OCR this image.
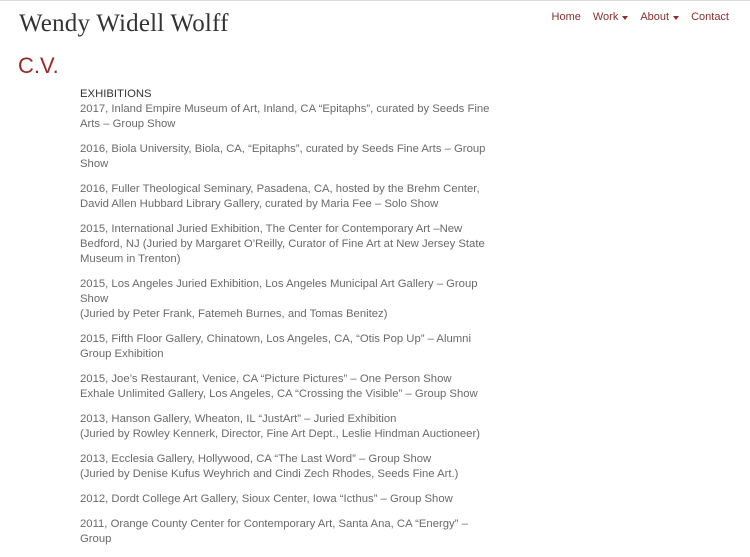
Wendy Widell Wolff	Home Work About Contact
C.V.

EXHIBITIONS

2017, Inland Empire Museum of Art, Inland, CA “Epitaphs”, curated by Seeds Fine Arts – Group Show

2016, Biola University, Biola, CA, “Epitaphs”, curated by Seeds Fine Arts – Group Show

2016, Fuller Theological Seminary, Pasadena, CA, hosted by the Brehm Center,

David Allen Hubbard Library Gallery, curated by Maria Fee – Solo Show

2015, International Juried Exhibition, The Center for Contemporary Art –New Bedford, NJ (Juried by Margaret O’Reilly, Curator of Fine Art at New Jersey State Museum in Trenton)

2015, Los Angeles Juried Exhibition, Los Angeles Municipal Art Gallery – Group Show

(Juried by Peter Frank, Fatemeh Burnes, and Tomas Benitez)

2015, Fifth Floor Gallery, Chinatown, Los Angeles, CA, “Otis Pop Up” – Alumni Group Exhibition

2015, Joe’s Restaurant, Venice, CA “Picture Pictures” – One Person Show

Exhale Unlimited Gallery, Los Angeles, CA “Crossing the Visible” – Group Show

2013, Hanson Gallery, Wheaton, IL “JustArt” – Juried Exhibition

(Juried by Rowley Kennerk, Director, Fine Art Dept., Leslie Hindman Auctioneer)

2013, Ecclesia Gallery, Hollywood, CA “The Last Word” – Group Show

(Juried by Denise Kufus Weyhrich and Cindi Zech Rhodes, Seeds Fine Art.)

2012, Dordt College Art Gallery, Sioux Center, Iowa “Icthus” – Group Show

2011, Orange County Center for Contemporary Art, Santa Ana, CA “Energy” – Group
